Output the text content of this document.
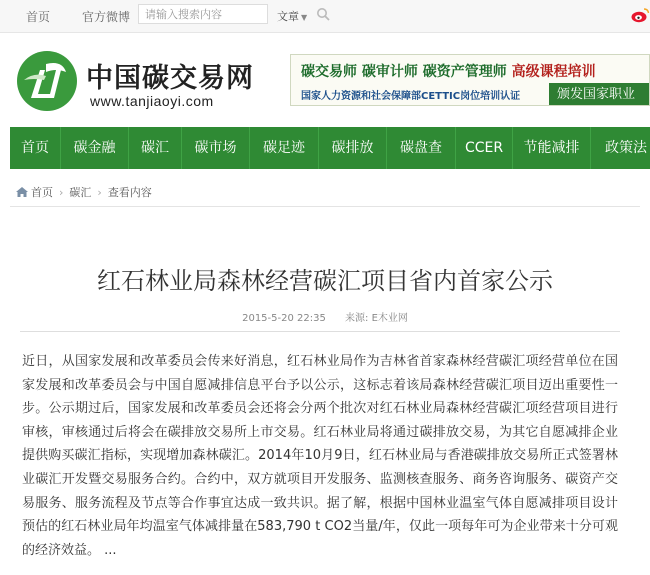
首页	官方微博	请输入搜索内容	文章 ▼
中国碳交易网
www.tanjiaoyi.com
碳交易师 碳审计师 碳资产管理师 高级课程培训
国家人力资源和社会保障部CETTIC岗位培训认证	颁发国家职业
首页	碳金融	碳汇	碳市场	碳足迹	碳排放	碳盘查	CCER	节能减排	政策法
首页 › 碳汇 › 查看内容
红石林业局森林经营碳汇项目省内首家公示
2015-5-20 22:35 来源: E木业网

近日，从国家发展和改革委员会传来好消息，红石林业局作为吉林省首家森林经营碳汇项经营单位在国家发展和改革委员会与中国自愿减排信息平台予以公示，这标志着该局森林经营碳汇项目迈出重要性一步。公示期过后，国家发展和改革委员会还将会分两个批次对红石林业局森林经营碳汇项经营项目进行审核，审核通过后将会在碳排放交易所上市交易。红石林业局将通过碳排放交易，为其它自愿减排企业提供购买碳汇指标，实现增加森林碳汇。2014年10月9日，红石林业局与香港碳排放交易所正式签署林业碳汇开发暨交易服务合约。合约中，双方就项目开发服务、监测核查服务、商务咨询服务、碳资产交易服务、服务流程及节点等合作事宜达成一致共识。据了解，根据中国林业温室气体自愿减排项目设计预估的红石林业局年均温室气体减排量在583,790 t CO2当量/年，仅此一项每年可为企业带来十分可观的经济效益。 ...
